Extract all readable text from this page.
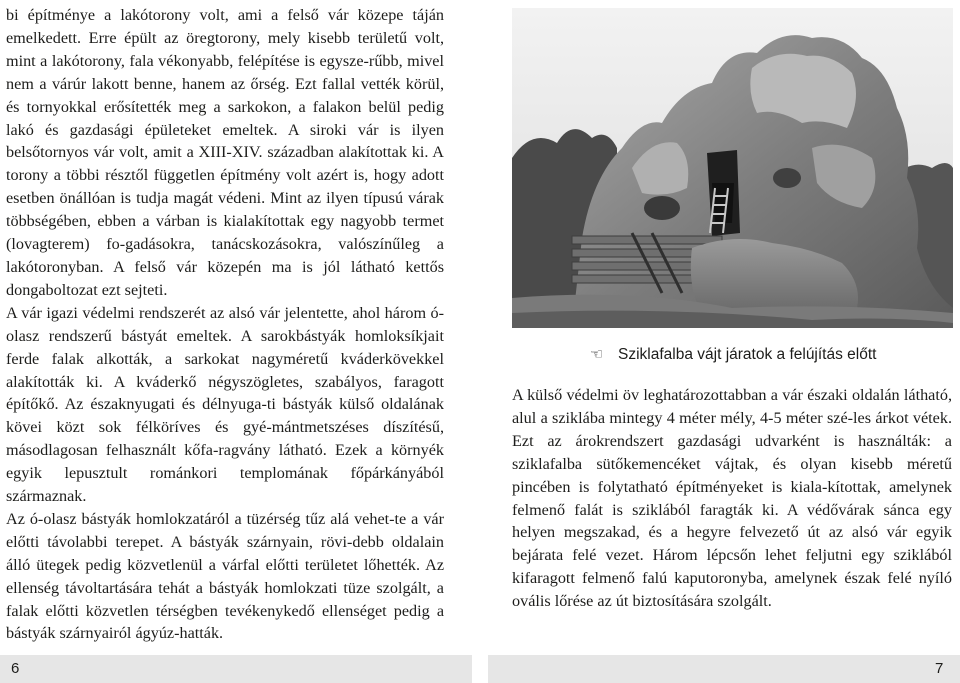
bi építménye a lakótorony volt, ami a felső vár közepe táján emelkedett. Erre épült az öregtorony, mely kisebb területű volt, mint a lakótorony, fala vékonyabb, felépítése is egysze-rűbb, mivel nem a várúr lakott benne, hanem az őrség. Ezt fallal vették körül, és tornyokkal erősítették meg a sarkokon, a falakon belül pedig lakó és gazdasági épületeket emeltek. A siroki vár is ilyen belsőtornyos vár volt, amit a XIII-XIV. században alakítottak ki. A torony a többi résztől független építmény volt azért is, hogy adott esetben önállóan is tudja magát védeni. Mint az ilyen típusú várak többségében, ebben a várban is kialakítottak egy nagyobb termet (lovagterem) fo-gadásokra, tanácskozásokra, valószínűleg a lakótoronyban. A felső vár közepén ma is jól látható kettős dongaboltozat ezt sejteti.

A vár igazi védelmi rendszerét az alsó vár jelentette, ahol három ó-olasz rendszerű bástyát emeltek. A sarokbástyák homloksíkjait ferde falak alkották, a sarkokat nagyméretű kváderkövekkel alakították ki. A kváderkő négyszögletes, szabályos, faragott építőkő. Az északnyugati és délnyuga-ti bástyák külső oldalának kövei közt sok félköríves és gyé-mántmetszéses díszítésű, másodlagosan felhasznált kőfa-ragvány látható. Ezek a környék egyik lepusztult románkori templomának főpárkányából származnak.

Az ó-olasz bástyák homlokzatáról a tüzérség tűz alá vehet-te a vár előtti távolabbi terepet. A bástyák szárnyain, rövi-debb oldalain álló ütegek pedig közvetlenül a várfal előtti területet lőhették. Az ellenség távoltartására tehát a bástyák homlokzati tüze szolgált, a falak előtti közvetlen térségben tevékenykedő ellenséget pedig a bástyák szárnyairól ágyúz-hatták.

☜ Sziklafalba vájt járatok a felújítás előtt

A külső védelmi öv leghatározottabban a vár északi oldalán látható, alul a sziklába mintegy 4 méter mély, 4-5 méter szé-les árkot vétek. Ezt az árokrendszert gazdasági udvarként is használták: a sziklafalba sütőkemencéket vájtak, és olyan kisebb méretű pincében is folytatható építményeket is kiala-kítottak, amelynek felmenő falát is sziklából faragták ki. A védővárak sánca egy helyen megszakad, és a hegyre felvezető út az alsó vár egyik bejárata felé vezet. Három lépcsőn lehet feljutni egy sziklából kifaragott felmenő falú kaputoronyba, amelynek észak felé nyíló ovális lőrése az út biztosítására szolgált.

6	7
